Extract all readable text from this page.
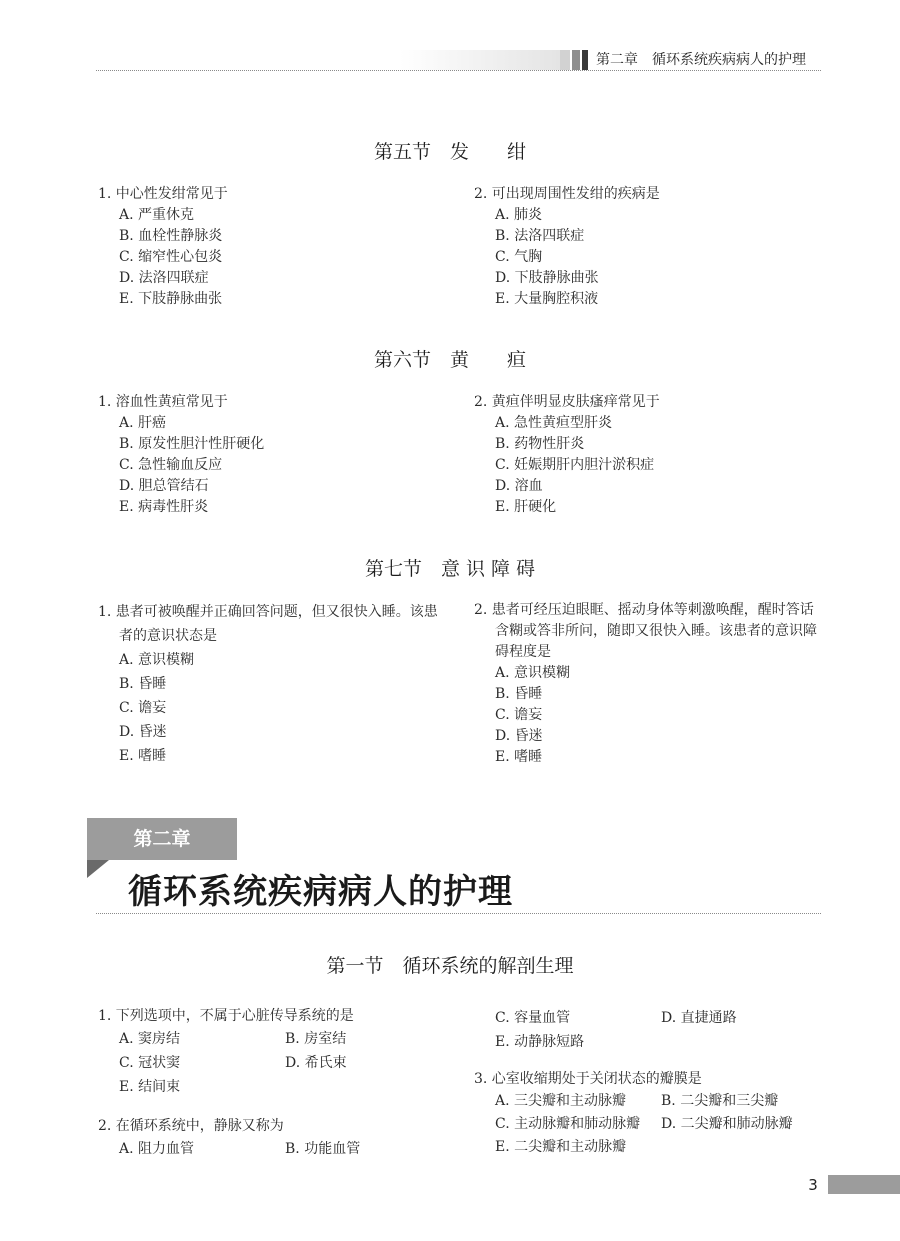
第二章　循环系统疾病病人的护理
第五节　发　　绀
1. 中心性发绀常见于
A. 严重休克
B. 血栓性静脉炎
C. 缩窄性心包炎
D. 法洛四联症
E. 下肢静脉曲张
2. 可出现周围性发绀的疾病是
A. 肺炎
B. 法洛四联症
C. 气胸
D. 下肢静脉曲张
E. 大量胸腔积液
第六节　黄　　疸
1. 溶血性黄疸常见于
A. 肝癌
B. 原发性胆汁性肝硬化
C. 急性输血反应
D. 胆总管结石
E. 病毒性肝炎
2. 黄疸伴明显皮肤瘙痒常见于
A. 急性黄疸型肝炎
B. 药物性肝炎
C. 妊娠期肝内胆汁淤积症
D. 溶血
E. 肝硬化
第七节　意 识 障 碍
1. 患者可被唤醒并正确回答问题，但又很快入睡。该患者的意识状态是
A. 意识模糊
B. 昏睡
C. 谵妄
D. 昏迷
E. 嗜睡
2. 患者可经压迫眼眶、摇动身体等刺激唤醒，醒时答话含糊或答非所问，随即又很快入睡。该患者的意识障碍程度是
A. 意识模糊
B. 昏睡
C. 谵妄
D. 昏迷
E. 嗜睡
第二章
循环系统疾病病人的护理
第一节　循环系统的解剖生理
1. 下列选项中，不属于心脏传导系统的是
A. 窦房结	B. 房室结
C. 冠状窦	D. 希氏束
E. 结间束
2. 在循环系统中，静脉又称为
A. 阻力血管	B. 功能血管
C. 容量血管	D. 直捷通路
E. 动静脉短路
3. 心室收缩期处于关闭状态的瓣膜是
A. 三尖瓣和主动脉瓣	B. 二尖瓣和三尖瓣
C. 主动脉瓣和肺动脉瓣	D. 二尖瓣和肺动脉瓣
E. 二尖瓣和主动脉瓣
3
